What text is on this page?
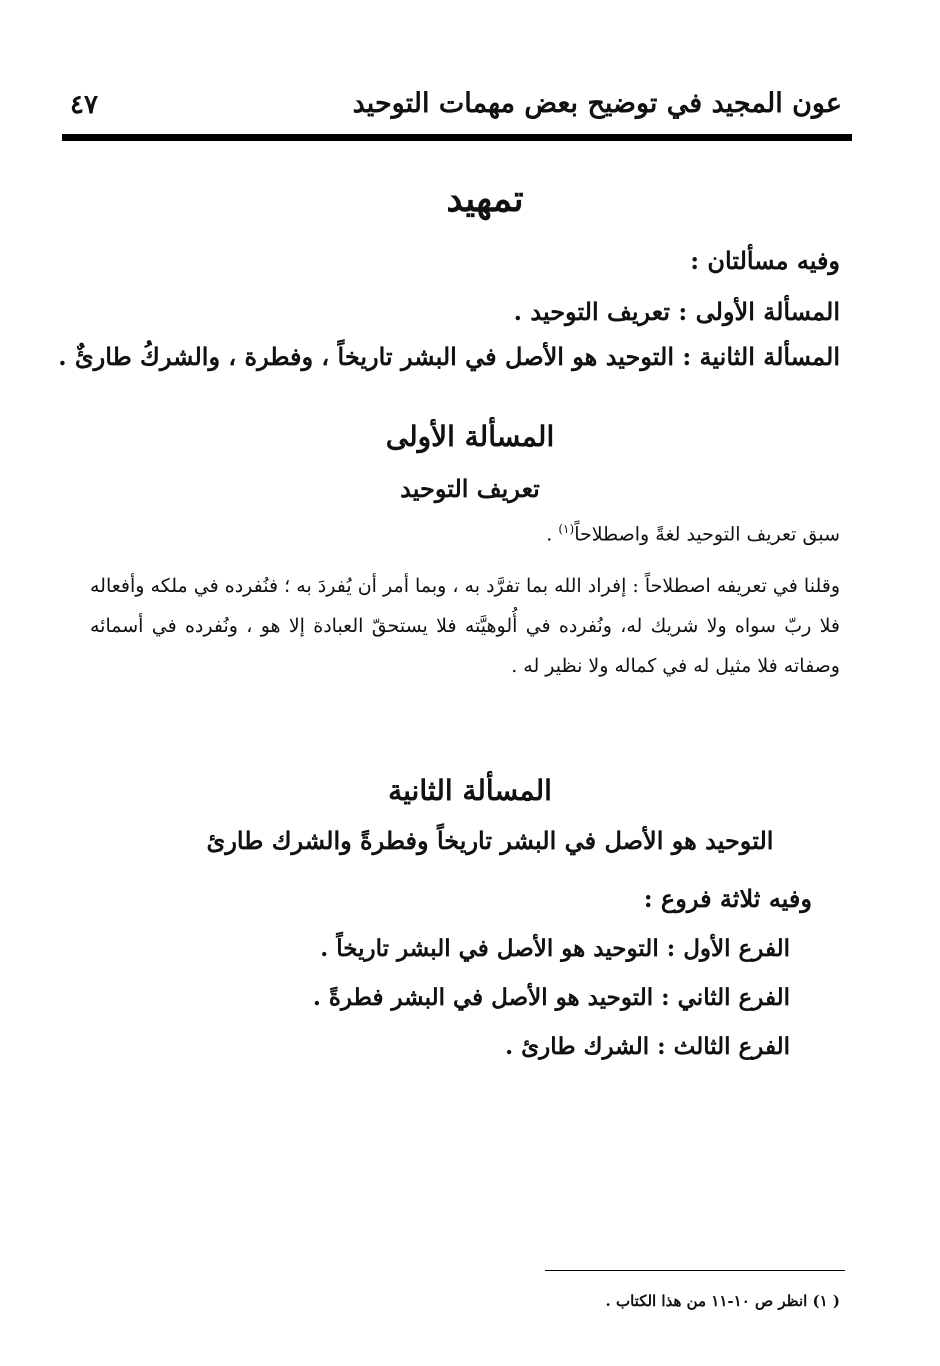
عون المجيد في توضيح بعض مهمات التوحيد
٤٧
تمهيد
وفيه مسألتان :
المسألة الأولى : تعريف التوحيد .
المسألة الثانية : التوحيد هو الأصل في البشر تاريخاً ، وفطرة ، والشركُ طارئٌ .
المسألة الأولى
تعريف التوحيد
سبق تعريف التوحيد لغةً واصطلاحاً$^{(١)}$ .
وقلنا في تعريفه اصطلاحاً : إفراد الله بما تفرَّد به ، وبما أمر أن يُفردَ به ؛ فنُفرده في ملكه وأفعاله فلا ربّ سواه ولا شريك له، ونُفرده في أُلوهيَّته فلا يستحقّ العبادة إلا هو ، ونُفرده في أسمائه وصفاته فلا مثيل له في كماله ولا نظير له .
المسألة الثانية
التوحيد هو الأصل في البشر تاريخاً وفطرةً والشرك طارئ
وفيه ثلاثة فروع :
الفرع الأول : التوحيد هو الأصل في البشر تاريخاً .
الفرع الثاني : التوحيد هو الأصل في البشر فطرةً .
الفرع الثالث : الشرك طارئ .
( ١) انظر ص ١٠-١١ من هذا الكتاب .
